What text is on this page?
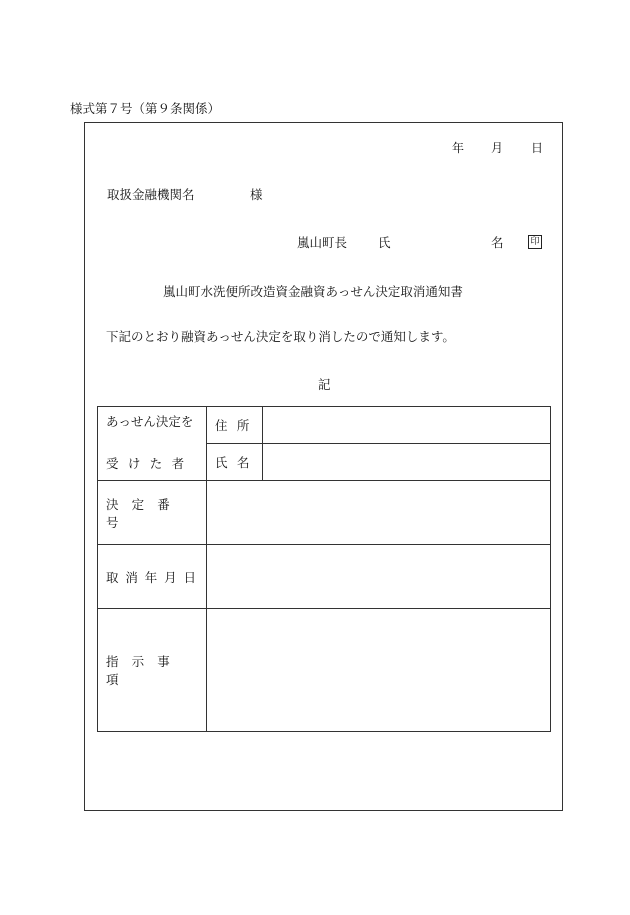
様式第７号（第９条関係）
年 月 日
取扱金融機関名	様
嵐山町長 氏	名	印
嵐山町水洗便所改造資金融資あっせん決定取消通知書
下記のとおり融資あっせん決定を取り消したので通知します。
記
あっせん決定を
受けた者	住所	
	氏名	
決定番号		
取消年月日		
指示事項		
